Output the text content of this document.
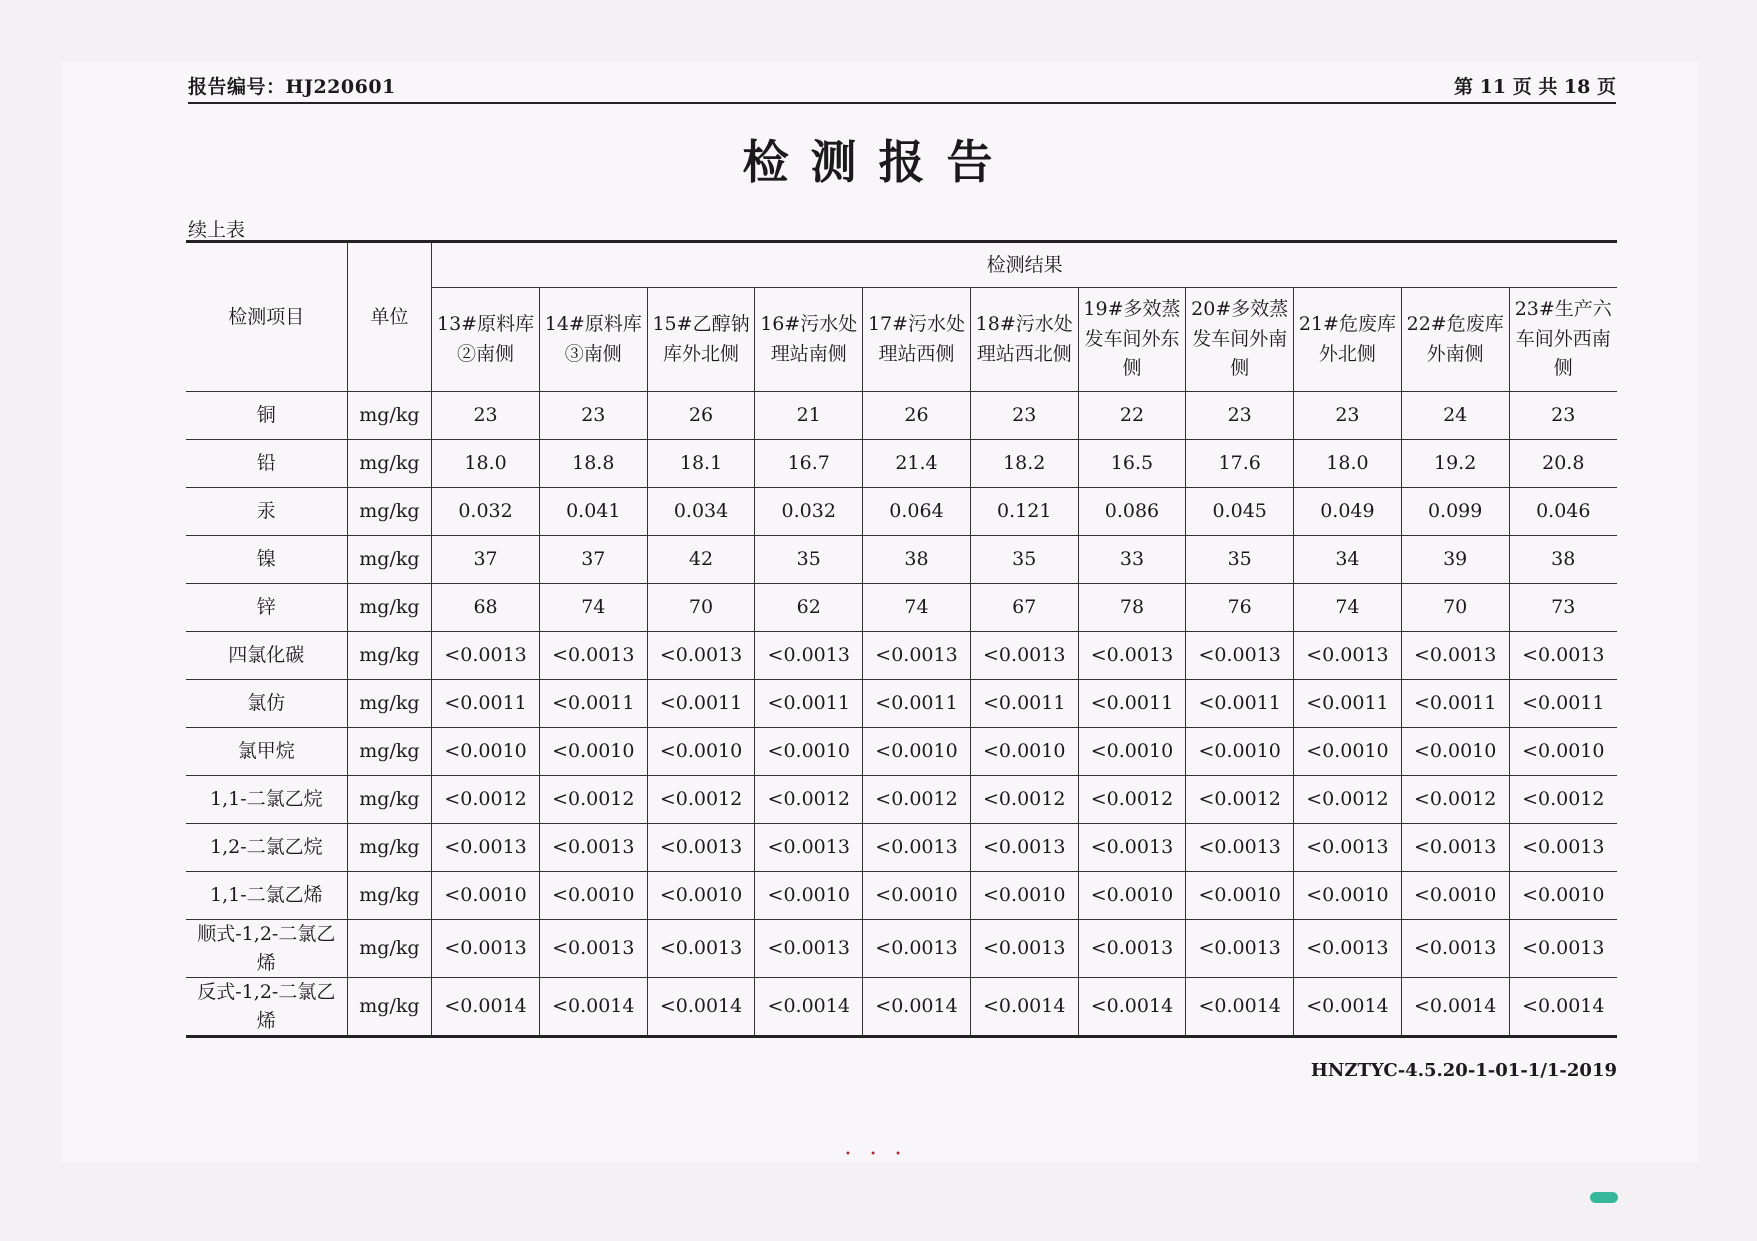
报告编号：HJ220601	第 11 页 共 18 页
检测报告
续上表
检测项目	单位	检测结果										
		13#原料库②南侧	14#原料库③南侧	15#乙醇钠库外北侧	16#污水处理站南侧	17#污水处理站西侧	18#污水处理站西北侧	19#多效蒸发车间外东侧	20#多效蒸发车间外南侧	21#危废库外北侧	22#危废库外南侧	23#生产六车间外西南侧
铜	mg/kg	23	23	26	21	26	23	22	23	23	24	23
铅	mg/kg	18.0	18.8	18.1	16.7	21.4	18.2	16.5	17.6	18.0	19.2	20.8
汞	mg/kg	0.032	0.041	0.034	0.032	0.064	0.121	0.086	0.045	0.049	0.099	0.046
镍	mg/kg	37	37	42	35	38	35	33	35	34	39	38
锌	mg/kg	68	74	70	62	74	67	78	76	74	70	73
四氯化碳	mg/kg	<0.0013	<0.0013	<0.0013	<0.0013	<0.0013	<0.0013	<0.0013	<0.0013	<0.0013	<0.0013	<0.0013
氯仿	mg/kg	<0.0011	<0.0011	<0.0011	<0.0011	<0.0011	<0.0011	<0.0011	<0.0011	<0.0011	<0.0011	<0.0011
氯甲烷	mg/kg	<0.0010	<0.0010	<0.0010	<0.0010	<0.0010	<0.0010	<0.0010	<0.0010	<0.0010	<0.0010	<0.0010
1,1-二氯乙烷	mg/kg	<0.0012	<0.0012	<0.0012	<0.0012	<0.0012	<0.0012	<0.0012	<0.0012	<0.0012	<0.0012	<0.0012
1,2-二氯乙烷	mg/kg	<0.0013	<0.0013	<0.0013	<0.0013	<0.0013	<0.0013	<0.0013	<0.0013	<0.0013	<0.0013	<0.0013
1,1-二氯乙烯	mg/kg	<0.0010	<0.0010	<0.0010	<0.0010	<0.0010	<0.0010	<0.0010	<0.0010	<0.0010	<0.0010	<0.0010
顺式-1,2-二氯乙烯	mg/kg	<0.0013	<0.0013	<0.0013	<0.0013	<0.0013	<0.0013	<0.0013	<0.0013	<0.0013	<0.0013	<0.0013
反式-1,2-二氯乙烯	mg/kg	<0.0014	<0.0014	<0.0014	<0.0014	<0.0014	<0.0014	<0.0014	<0.0014	<0.0014	<0.0014	<0.0014
HNZTYC-4.5.20-1-01-1/1-2019
• • •
